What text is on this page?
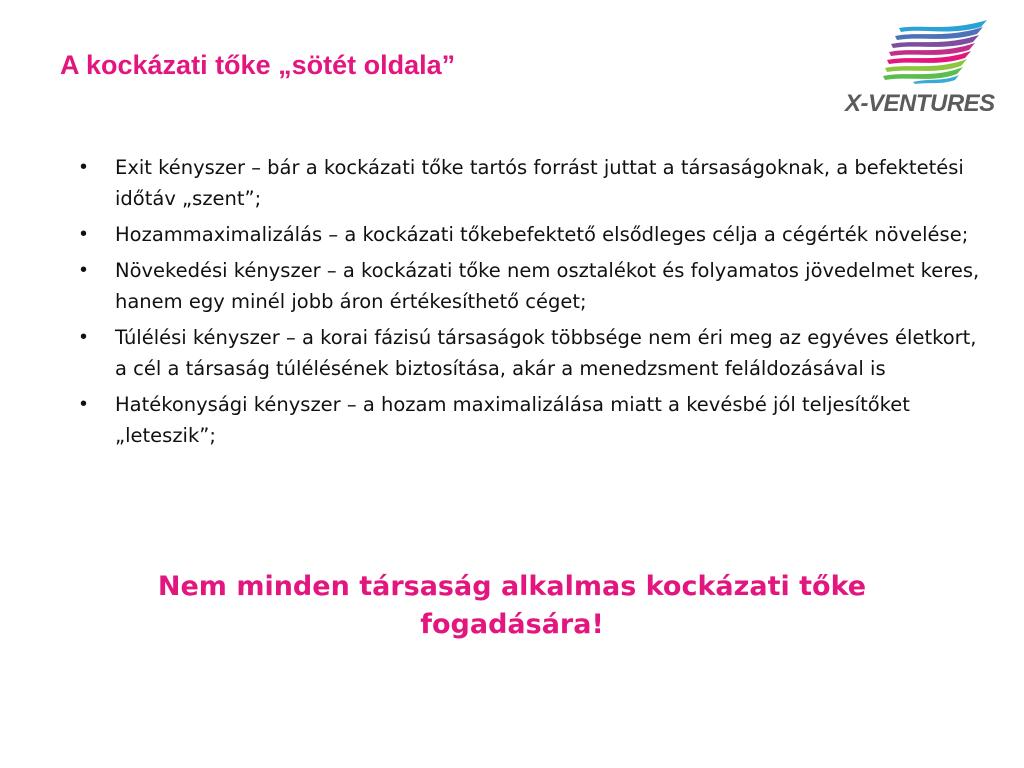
A kockázati tőke „sötét oldala”
X-VENTURES
• Exit kényszer – bár a kockázati tőke tartós forrást juttat a társaságoknak, a befektetési időtáv „szent”;
• Hozammaximalizálás – a kockázati tőkebefektető elsődleges célja a cégérték növelése;
• Növekedési kényszer – a kockázati tőke nem osztalékot és folyamatos jövedelmet keres, hanem egy minél jobb áron értékesíthető céget;
• Túlélési kényszer – a korai fázisú társaságok többsége nem éri meg az egyéves életkort, a cél a társaság túlélésének biztosítása, akár a menedzsment feláldozásával is
• Hatékonysági kényszer – a hozam maximalizálása miatt a kevésbé jól teljesítőket „leteszik”;

Nem minden társaság alkalmas kockázati tőke fogadására!
